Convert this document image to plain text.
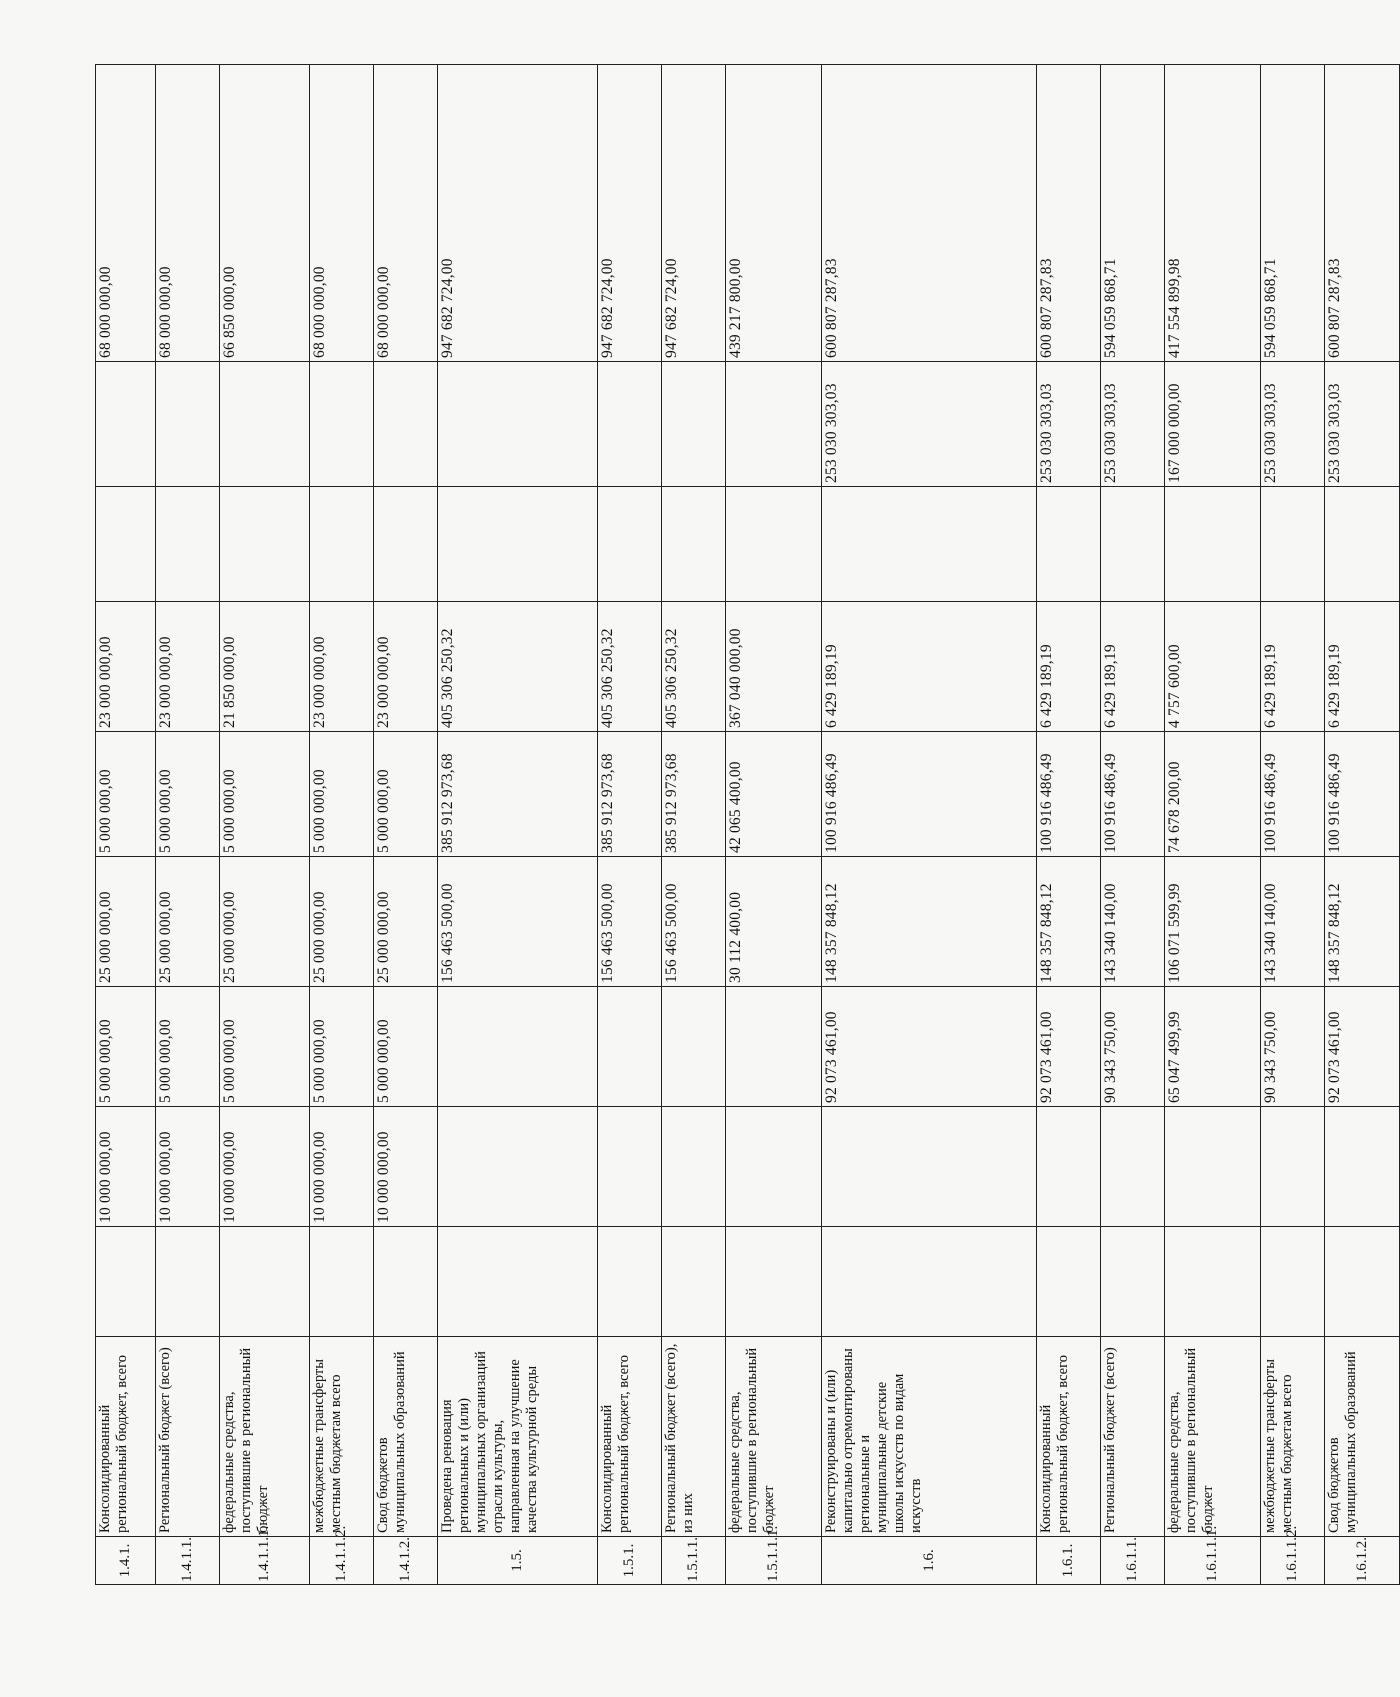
1.4.1.	Консолидированный региональный бюджет, всего		10 000 000,00	5 000 000,00	25 000 000,00	5 000 000,00	23 000 000,00			68 000 000,00
1.4.1.1.	Региональный бюджет (всего)		10 000 000,00	5 000 000,00	25 000 000,00	5 000 000,00	23 000 000,00			68 000 000,00
1.4.1.1.1.	федеральные средства, поступившие в региональный бюджет		10 000 000,00	5 000 000,00	25 000 000,00	5 000 000,00	21 850 000,00			66 850 000,00
1.4.1.1.2.	межбюджетные трансферты местным бюджетам всего		10 000 000,00	5 000 000,00	25 000 000,00	5 000 000,00	23 000 000,00			68 000 000,00
1.4.1.2.	Свод бюджетов муниципальных образований		10 000 000,00	5 000 000,00	25 000 000,00	5 000 000,00	23 000 000,00			68 000 000,00
1.5.	Проведена реновация региональных и (или) муниципальных организаций отрасли культуры, направленная на улучшение качества культурной среды				156 463 500,00	385 912 973,68	405 306 250,32			947 682 724,00
1.5.1.	Консолидированный региональный бюджет, всего				156 463 500,00	385 912 973,68	405 306 250,32			947 682 724,00
1.5.1.1.	Региональный бюджет (всего), из них				156 463 500,00	385 912 973,68	405 306 250,32			947 682 724,00
1.5.1.1.1.	федеральные средства, поступившие в региональный бюджет				30 112 400,00	42 065 400,00	367 040 000,00			439 217 800,00
1.6.	Реконструированы и (или) капитально отремонтированы региональные и муниципальные детские школы искусств по видам искусств			92 073 461,00	148 357 848,12	100 916 486,49	6 429 189,19		253 030 303,03	600 807 287,83
1.6.1.	Консолидированный региональный бюджет, всего			92 073 461,00	148 357 848,12	100 916 486,49	6 429 189,19		253 030 303,03	600 807 287,83
1.6.1.1.	Региональный бюджет (всего)			90 343 750,00	143 340 140,00	100 916 486,49	6 429 189,19		253 030 303,03	594 059 868,71
1.6.1.1.1.	федеральные средства, поступившие в региональный бюджет			65 047 499,99	106 071 599,99	74 678 200,00	4 757 600,00		167 000 000,00	417 554 899,98
1.6.1.1.2.	межбюджетные трансферты местным бюджетам всего			90 343 750,00	143 340 140,00	100 916 486,49	6 429 189,19		253 030 303,03	594 059 868,71
1.6.1.2.	Свод бюджетов муниципальных образований			92 073 461,00	148 357 848,12	100 916 486,49	6 429 189,19		253 030 303,03	600 807 287,83
